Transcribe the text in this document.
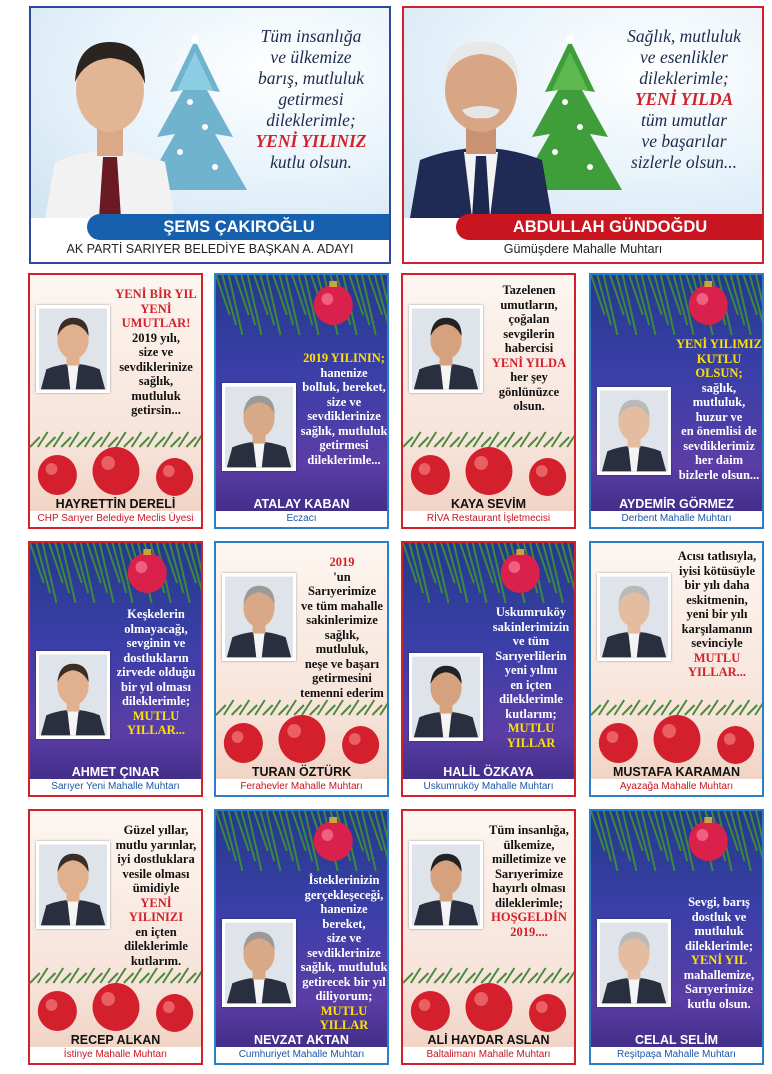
Tüm insanlığa
ve ülkemize
barış, mutluluk
getirmesi
dileklerimle;
YENİ YILINIZ
kutlu olsun.
ŞEMS ÇAKIROĞLU
AK PARTİ SARIYER BELEDİYE BAŞKAN A. ADAYI
Sağlık, mutluluk
ve esenlikler
dileklerimle;
YENİ YILDA
tüm umutlar
ve başarılar
sizlerle olsun...
ABDULLAH GÜNDOĞDU
Gümüşdere Mahalle Muhtarı
YENİ BİR YIL YENİ UMUTLAR!
2019 yılı,
size ve
sevdiklerinize
sağlık,
mutluluk
getirsin...
HAYRETTİN DERELİ
CHP Sarıyer Belediye Meclis Üyesi
2019 YILININ;
hanenize
bolluk, bereket,
size ve
sevdiklerinize
sağlık, mutluluk
getirmesi
dileklerimle...
ATALAY KABAN
Eczacı
Tazelenen
umutların,
çoğalan
sevgilerin
habercisi
YENİ YILDA
her şey
gönlünüzce
olsun.
KAYA SEVİM
RİVA Restaurant İşletmecisi
YENİ YILIMIZ KUTLU OLSUN;
sağlık,
mutluluk,
huzur ve
en önemlisi de
sevdiklerimiz
her daim
bizlerle olsun...
AYDEMİR GÖRMEZ
Derbent Mahalle Muhtarı
Keşkelerin
olmayacağı,
sevginin ve
dostlukların
zirvede olduğu
bir yıl olması
dileklerimle;
MUTLU YILLAR...
AHMET ÇINAR
Sarıyer Yeni Mahalle Muhtarı
2019
'un Sarıyerimize
ve tüm mahalle
sakinlerimize
sağlık, mutluluk,
neşe ve başarı
getirmesini
temenni ederim
TURAN ÖZTÜRK
Ferahevler Mahalle Muhtarı
Uskumruköy
sakinlerimizin
ve tüm
Sarıyerlilerin
yeni yılını
en içten
dileklerimle
kutlarım;
MUTLU YILLAR
HALİL ÖZKAYA
Uskumruköy Mahalle Muhtarı
Acısı tatlısıyla,
iyisi kötüsüyle
bir yılı daha
eskitmenin,
yeni bir yılı
karşılamanın
sevinciyle
MUTLU YILLAR...
MUSTAFA KARAMAN
Ayazağa Mahalle Muhtarı
Güzel yıllar,
mutlu yarınlar,
iyi dostluklara
vesile olması
ümidiyle
YENİ YILINIZI
en içten
dileklerimle
kutlarım.
RECEP ALKAN
İstinye Mahalle Muhtarı
İsteklerinizin
gerçekleşeceği,
hanenize bereket,
size ve
sevdiklerinize
sağlık, mutluluk
getirecek bir yıl
diliyorum;
MUTLU YILLAR
NEVZAT AKTAN
Cumhuriyet Mahalle Muhtarı
Tüm insanlığa,
ülkemize,
milletimize ve
Sarıyerimize
hayırlı olması
dileklerimle;
HOŞGELDİN 2019....
ALİ HAYDAR ASLAN
Baltalimanı Mahalle Muhtarı
Sevgi, barış
dostluk ve
mutluluk
dileklerimle;
YENİ YIL
mahallemize,
Sarıyerimize
kutlu olsun.
CELAL SELİM
Reşitpaşa Mahalle Muhtarı
